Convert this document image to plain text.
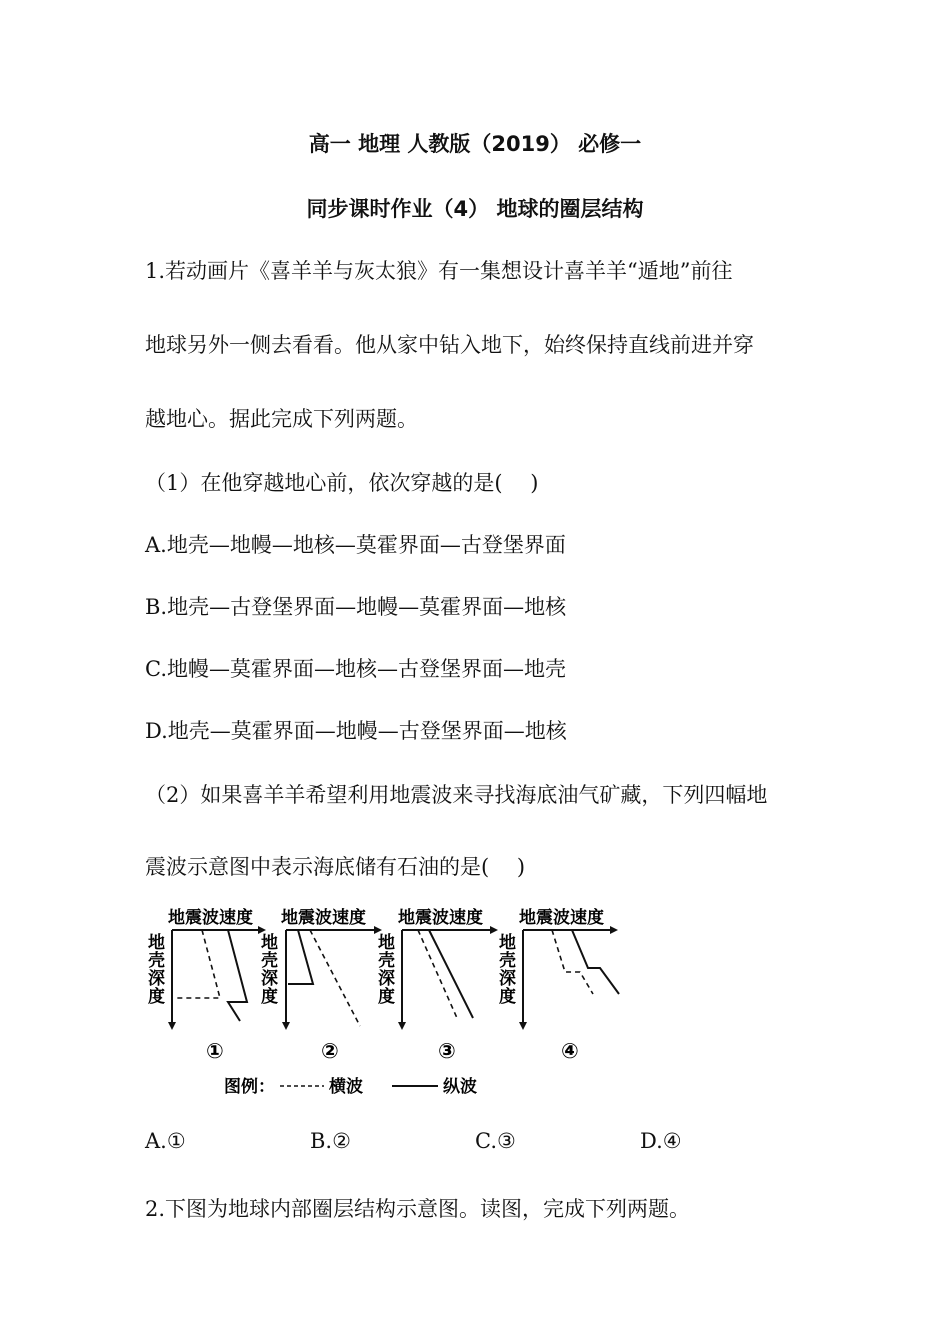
高一 地理 人教版（2019） 必修一
同步课时作业（4） 地球的圈层结构
1.若动画片《喜羊羊与灰太狼》有一集想设计喜羊羊“遁地”前往
地球另外一侧去看看。他从家中钻入地下，始终保持直线前进并穿
越地心。据此完成下列两题。
（1）在他穿越地心前，依次穿越的是(　 )
A.地壳—地幔—地核—莫霍界面—古登堡界面
B.地壳—古登堡界面—地幔—莫霍界面—地核
C.地幔—莫霍界面—地核—古登堡界面—地壳
D.地壳—莫霍界面—地幔—古登堡界面—地核
（2）如果喜羊羊希望利用地震波来寻找海底油气矿藏，下列四幅地
震波示意图中表示海底储有石油的是(　 )
地震波速度
地
壳
深
度
①
地震波速度
地
壳
深
度
②
地震波速度
地
壳
深
度
③
地震波速度
地
壳
深
度
④
图例：	横波	纵波
A.①	B.②	C.③	D.④
2.下图为地球内部圈层结构示意图。读图，完成下列两题。
